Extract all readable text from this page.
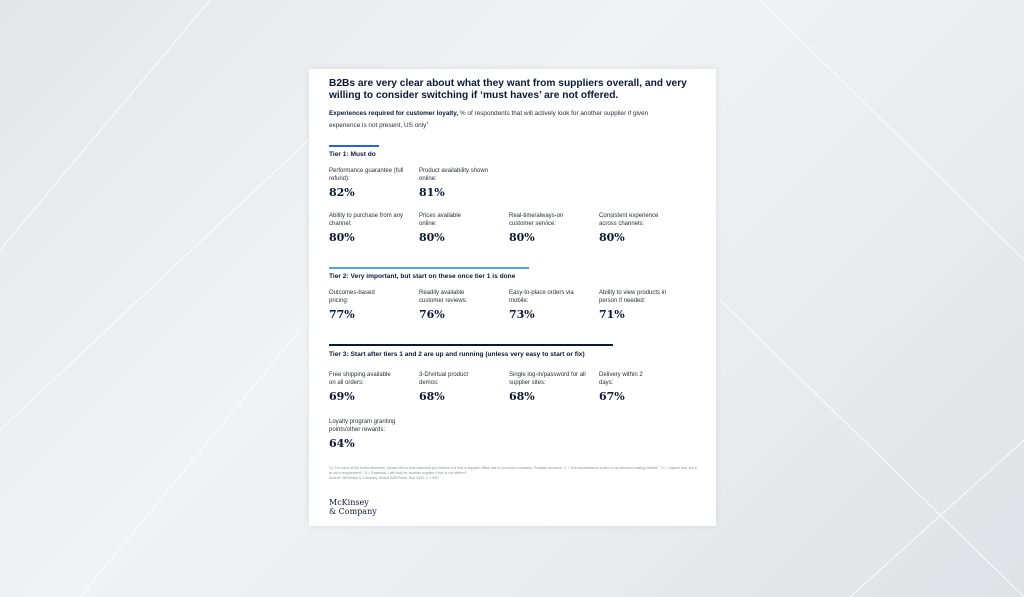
B2Bs are very clear about what they want from suppliers overall, and very willing to consider switching if ‘must haves’ are not offered.
Experiences required for customer loyalty, % of respondents that will actively look for another supplier if given experience is not present, US only$^1$
Tier 1: Must do
Performance guarantee (full refund):
82%
Product availability shown online:
81%
Ability to purchase from any channel:
80%
Prices available online:
80%
Real-time/always-on customer service:
80%
Consistent experience across channels:
80%
Tier 2: Very important, but start on these once tier 1 is done
Outcomes-based pricing:
77%
Readily available customer reviews:
76%
Easy-to-place orders via mobile:
73%
Ability to view products in person if needed:
71%
Tier 3: Start after tiers 1 and 2 are up and running (unless very easy to start or fix)
Free shipping available on all orders:
69%
3-D/virtual product demos:
68%
Single log-in/password for all supplier sites:
68%
Delivery within 2 days:
67%
Loyalty program granting points/other rewards:
64%
¹Q: For each of the follow elements, please tell us how essential you believe it is that a supplier offers this to your/your company. Possible answers: “1 = Not important/not a part of my decision-making criteria”; “2 = I expect this, but it is not a requirement”; “3 = Essential, I will look for another supplier if this is not offered”.
Source: McKinsey & Company Global B2B Pulse, Nov 2021, n = 600
McKinsey
& Company
